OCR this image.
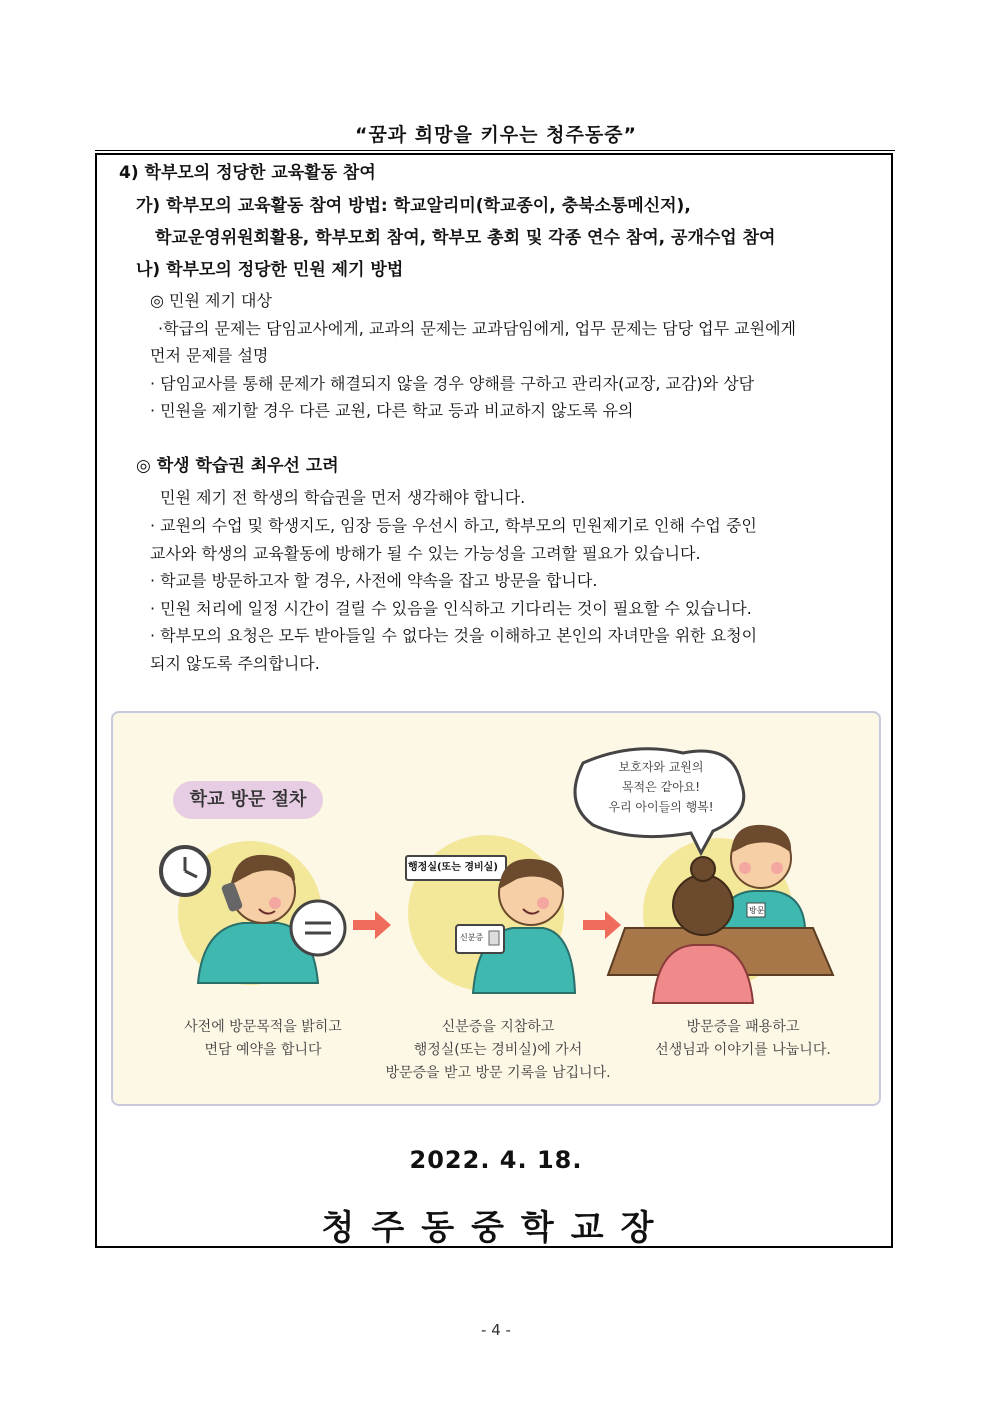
“꿈과 희망을 키우는 청주동중”
4) 학부모의 정당한 교육활동 참여
가) 학부모의 교육활동 참여 방법: 학교알리미(학교종이, 충북소통메신저),
학교운영위원회활용, 학부모회 참여, 학부모 총회 및 각종 연수 참여, 공개수업 참여
나) 학부모의 정당한 민원 제기 방법
◎ 민원 제기 대상
·학급의 문제는 담임교사에게, 교과의 문제는 교과담임에게, 업무 문제는 담당 업무 교원에게
먼저 문제를 설명
· 담임교사를 통해 문제가 해결되지 않을 경우 양해를 구하고 관리자(교장, 교감)와 상담
· 민원을 제기할 경우 다른 교원, 다른 학교 등과 비교하지 않도록 유의
◎ 학생 학습권 최우선 고려
민원 제기 전 학생의 학습권을 먼저 생각해야 합니다.
· 교원의 수업 및 학생지도, 임장 등을 우선시 하고, 학부모의 민원제기로 인해 수업 중인
교사와 학생의 교육활동에 방해가 될 수 있는 가능성을 고려할 필요가 있습니다.
· 학교를 방문하고자 할 경우, 사전에 약속을 잡고 방문을 합니다.
· 민원 처리에 일정 시간이 걸릴 수 있음을 인식하고 기다리는 것이 필요할 수 있습니다.
· 학부모의 요청은 모두 받아들일 수 없다는 것을 이해하고 본인의 자녀만을 위한 요청이
되지 않도록 주의합니다.
학교 방문 절차
행정실(또는 경비실)
신분증
방문
보호자와 교원의
목적은 같아요!
우리 아이들의 행복!
사전에 방문목적을 밝히고
면담 예약을 합니다
신분증을 지참하고
행정실(또는 경비실)에 가서
방문증을 받고 방문 기록을 남깁니다.
방문증을 패용하고
선생님과 이야기를 나눕니다.
2022. 4. 18.
청주동중학교장
- 4 -
